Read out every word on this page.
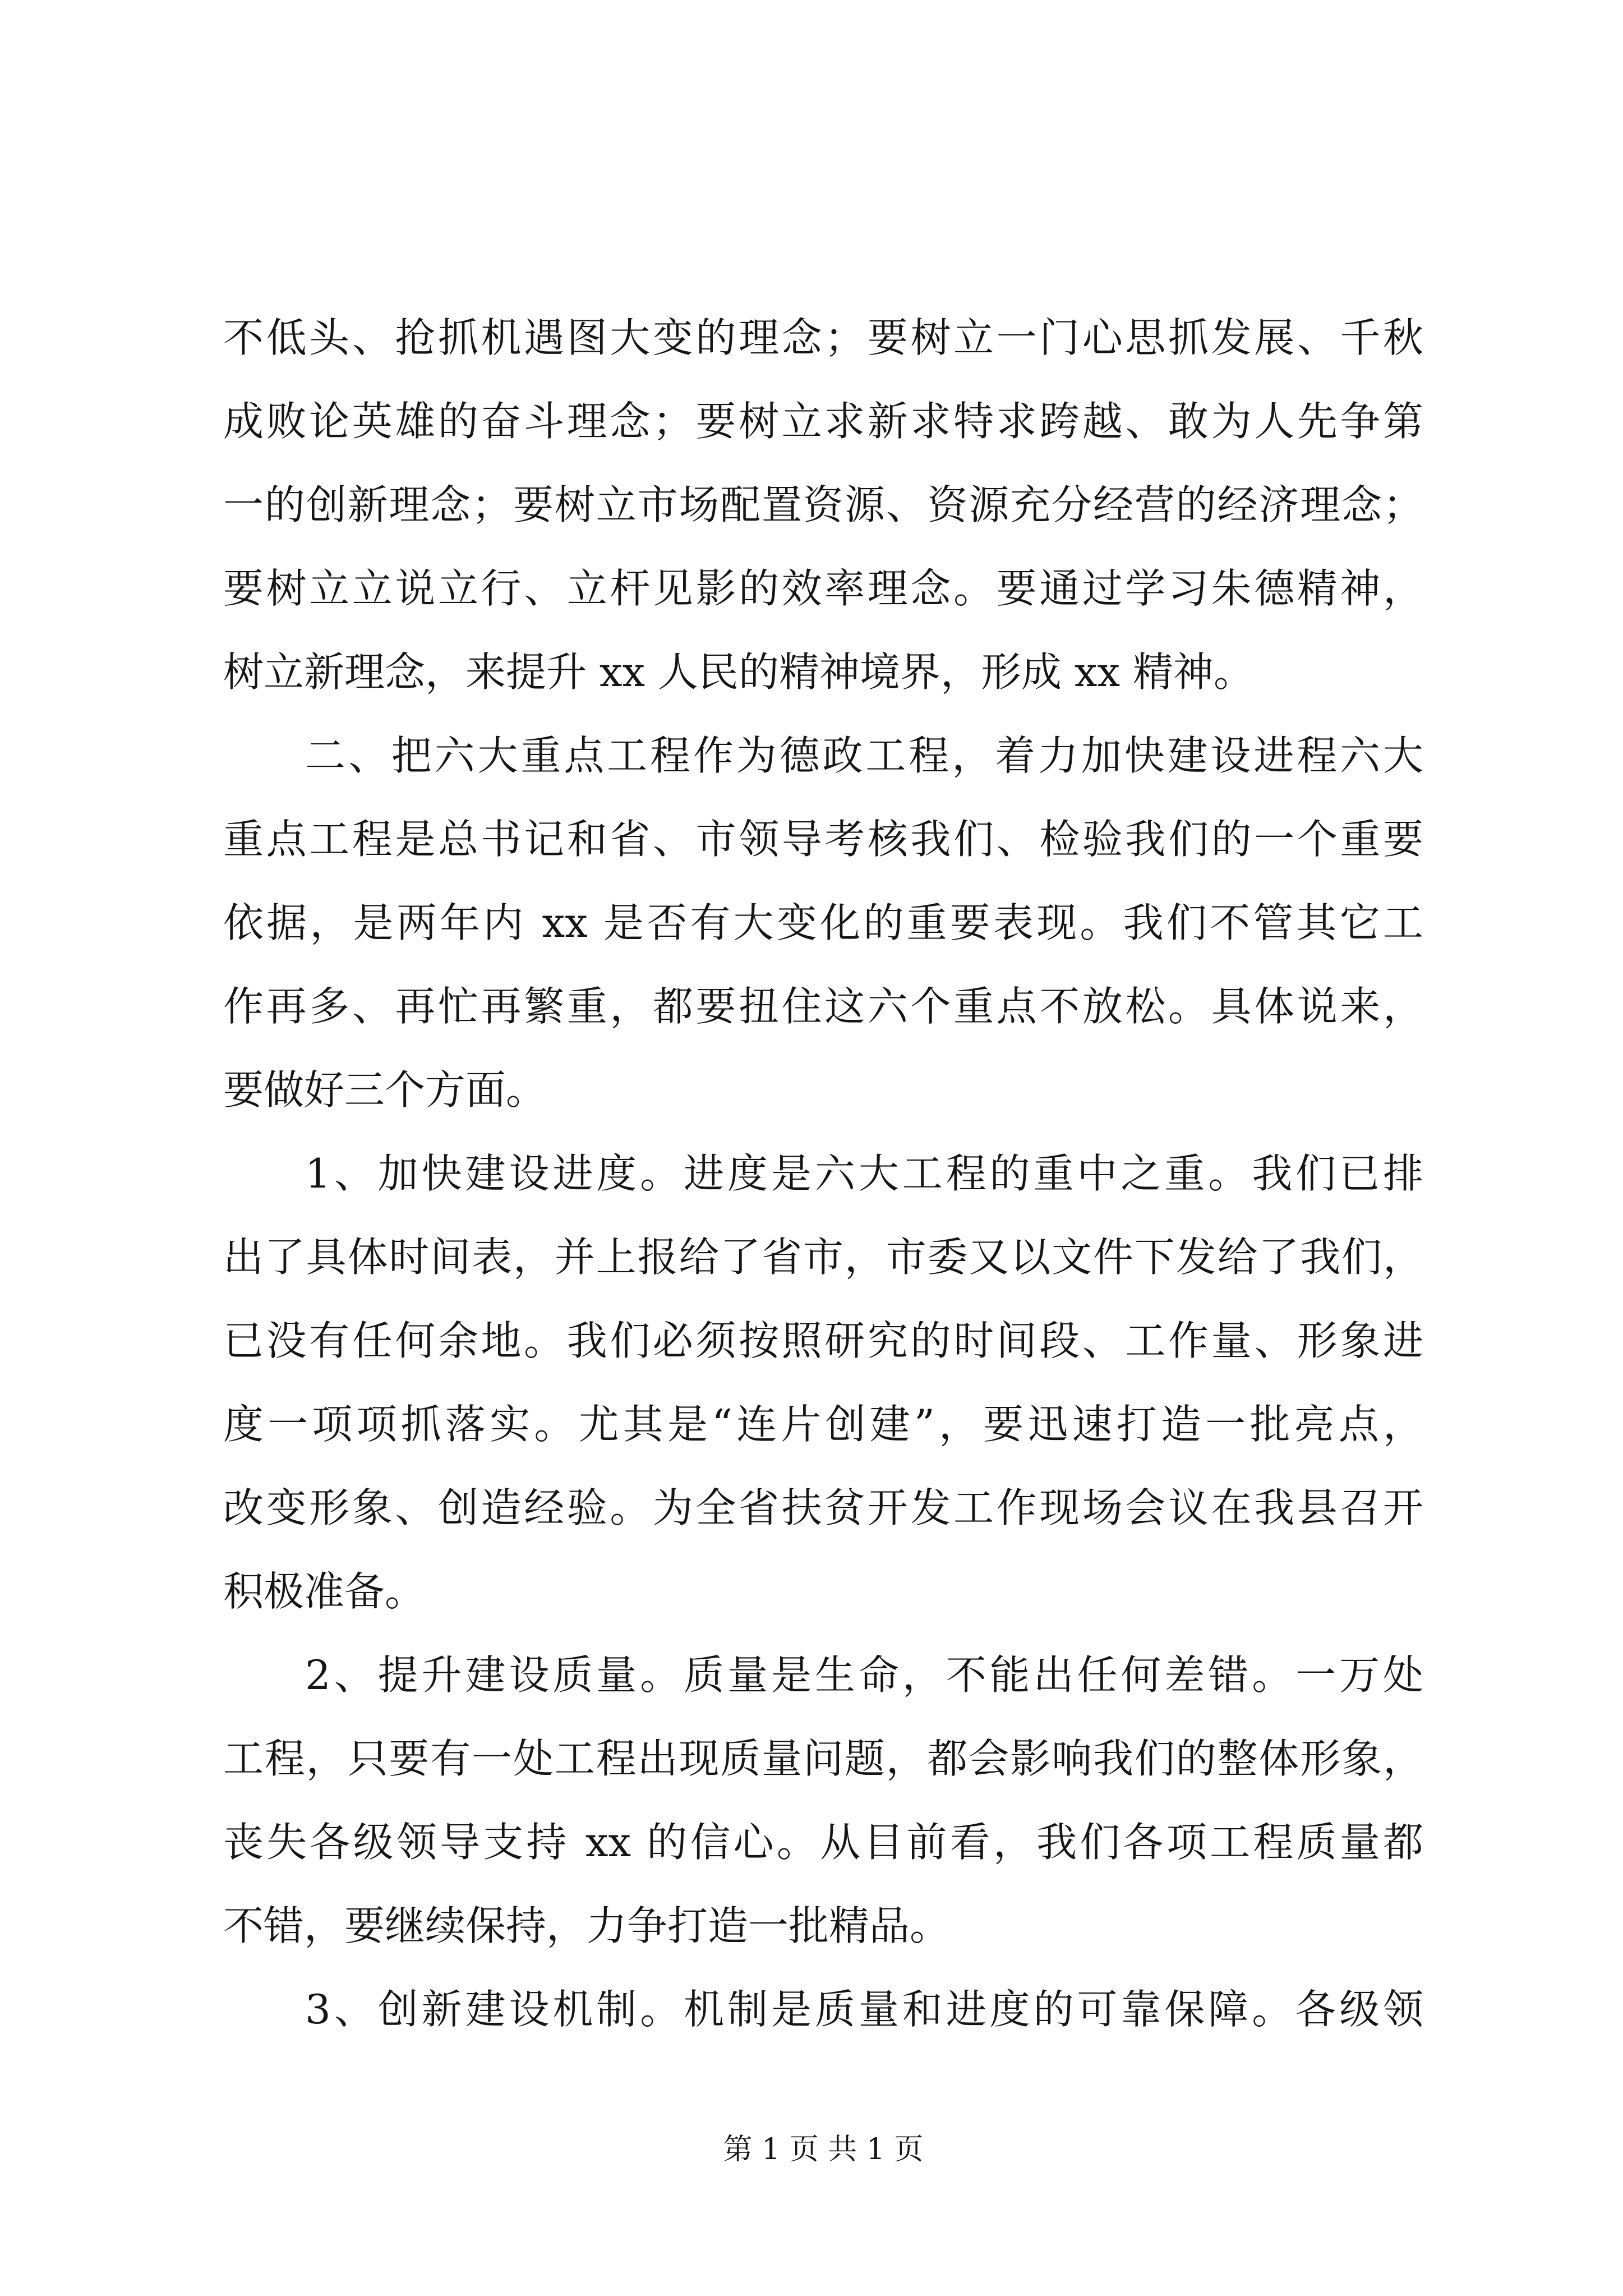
不低头、抢抓机遇图大变的理念；要树立一门心思抓发展、千秋
成败论英雄的奋斗理念；要树立求新求特求跨越、敢为人先争第
一的创新理念；要树立市场配置资源、资源充分经营的经济理念；
要树立立说立行、立杆见影的效率理念。要通过学习朱德精神，
树立新理念，来提升 xx 人民的精神境界，形成 xx 精神。
二、把六大重点工程作为德政工程，着力加快建设进程六大
重点工程是总书记和省、市领导考核我们、检验我们的一个重要
依据，是两年内 xx 是否有大变化的重要表现。我们不管其它工
作再多、再忙再繁重，都要扭住这六个重点不放松。具体说来，
要做好三个方面。
1、加快建设进度。进度是六大工程的重中之重。我们已排
出了具体时间表，并上报给了省市，市委又以文件下发给了我们，
已没有任何余地。我们必须按照研究的时间段、工作量、形象进
度一项项抓落实。尤其是“连片创建”，要迅速打造一批亮点，
改变形象、创造经验。为全省扶贫开发工作现场会议在我县召开
积极准备。
2、提升建设质量。质量是生命，不能出任何差错。一万处
工程，只要有一处工程出现质量问题，都会影响我们的整体形象，
丧失各级领导支持 xx 的信心。从目前看，我们各项工程质量都
不错，要继续保持，力争打造一批精品。
3、创新建设机制。机制是质量和进度的可靠保障。各级领
第 1 页 共 1 页
